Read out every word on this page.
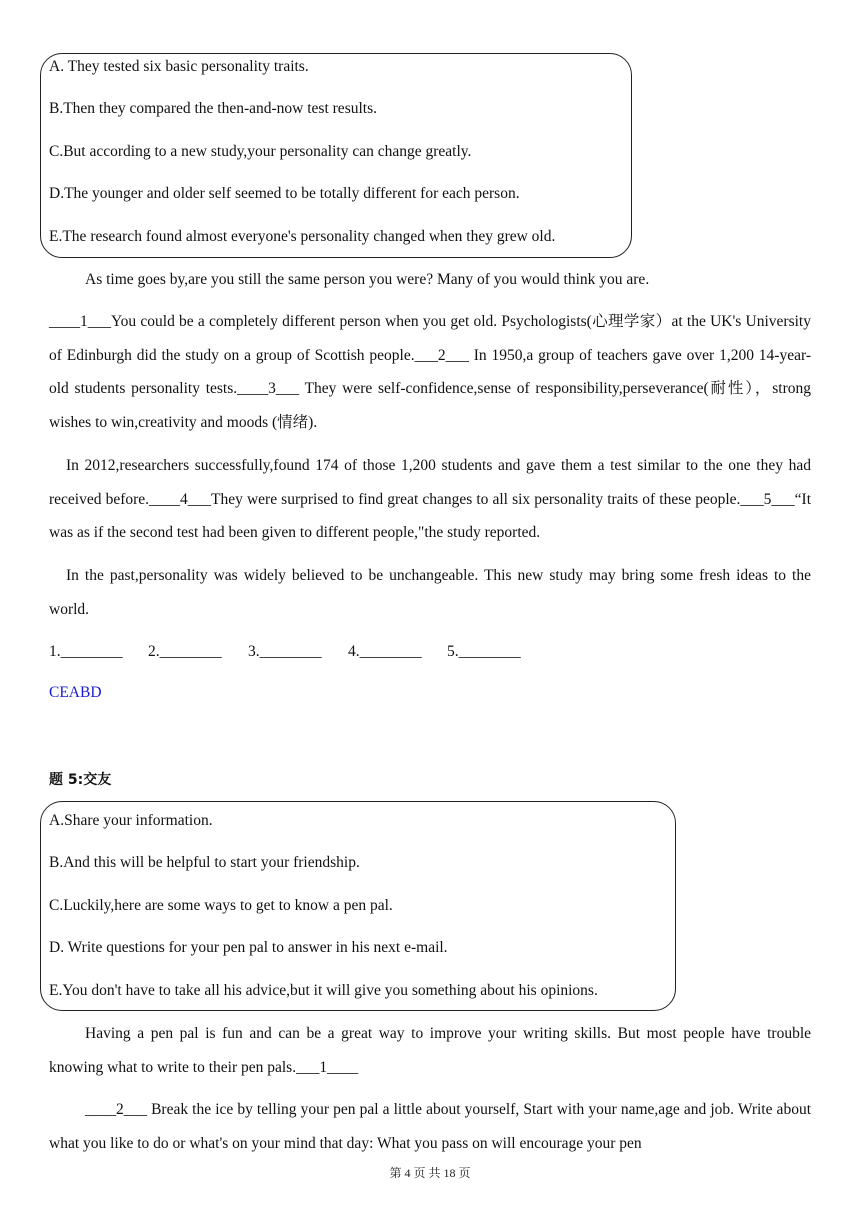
A. They tested six basic personality traits.
B.Then they compared the then-and-now test results.
C.But according to a new study,your personality can change greatly.
D.The younger and older self seemed to be totally different for each person.
E.The research found almost everyone's personality changed when they grew old.
As time goes by,are you still the same person you were? Many of you would think you are.
____1___You could be a completely different person when you get old. Psychologists(心理学家）at the UK's University of Edinburgh did the study on a group of Scottish people.___2___ In 1950,a group of teachers gave over 1,200 14-year-old students personality tests.____3___ They were self-confidence,sense of responsibility,perseverance(耐性），strong wishes to win,creativity and moods (情绪).
In 2012,researchers successfully,found 174 of those 1,200 students and gave them a test similar to the one they had received before.____4___They were surprised to find great changes to all six personality traits of these people.___5___“It was as if the second test had been given to different people,"the study reported.
In the past,personality was widely believed to be unchangeable. This new study may bring some fresh ideas to the world.
1.________ 2.________ 3.________ 4.________ 5.________
CEABD
题 5:交友
A.Share your information.
B.And this will be helpful to start your friendship.
C.Luckily,here are some ways to get to know a pen pal.
D. Write questions for your pen pal to answer in his next e-mail.
E.You don't have to take all his advice,but it will give you something about his opinions.
Having a pen pal is fun and can be a great way to improve your writing skills. But most people have trouble knowing what to write to their pen pals.___1____
____2___ Break the ice by telling your pen pal a little about yourself, Start with your name,age and job. Write about what you like to do or what's on your mind that day: What you pass on will encourage your pen
第 4 页 共 18 页
